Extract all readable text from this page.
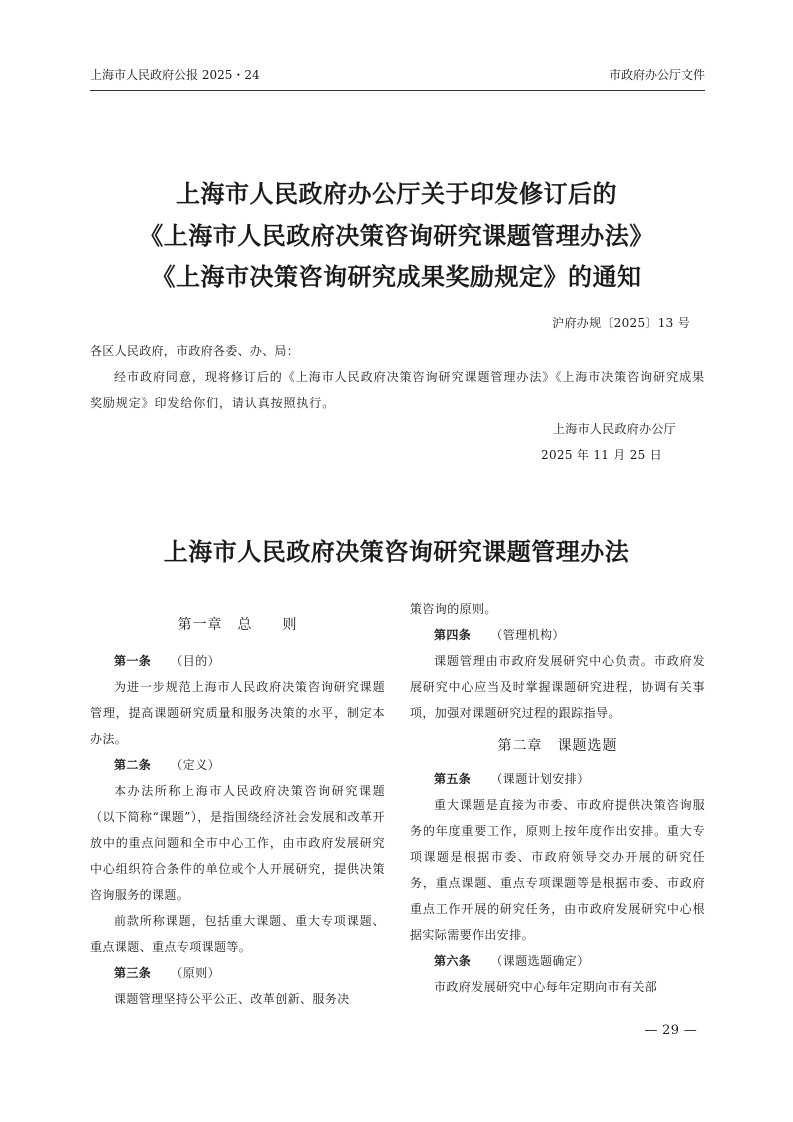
上海市人民政府公报 2025・24	市政府办公厅文件
上海市人民政府办公厅关于印发修订后的
《上海市人民政府决策咨询研究课题管理办法》
《上海市决策咨询研究成果奖励规定》的通知
沪府办规〔2025〕13 号
各区人民政府，市政府各委、办、局：
经市政府同意，现将修订后的《上海市人民政府决策咨询研究课题管理办法》《上海市决策咨询研究成果奖励规定》印发给你们，请认真按照执行。
上海市人民政府办公厅
2025 年 11 月 25 日
上海市人民政府决策咨询研究课题管理办法
第一章　总　　则
第一条 （目的）

为进一步规范上海市人民政府决策咨询研究课题管理，提高课题研究质量和服务决策的水平，制定本办法。

第二条 （定义）

本办法所称上海市人民政府决策咨询研究课题（以下简称“课题”），是指围绕经济社会发展和改革开放中的重点问题和全市中心工作，由市政府发展研究中心组织符合条件的单位或个人开展研究，提供决策咨询服务的课题。

前款所称课题，包括重大课题、重大专项课题、重点课题、重点专项课题等。

第三条 （原则）

课题管理坚持公平公正、改革创新、服务决

策咨询的原则。

第四条 （管理机构）

课题管理由市政府发展研究中心负责。市政府发展研究中心应当及时掌握课题研究进程，协调有关事项，加强对课题研究过程的跟踪指导。

第二章　课题选题
第五条 （课题计划安排）

重大课题是直接为市委、市政府提供决策咨询服务的年度重要工作，原则上按年度作出安排。重大专项课题是根据市委、市政府领导交办开展的研究任务，重点课题、重点专项课题等是根据市委、市政府重点工作开展的研究任务，由市政府发展研究中心根据实际需要作出安排。

第六条 （课题选题确定）

市政府发展研究中心每年定期向市有关部

— 29 —
